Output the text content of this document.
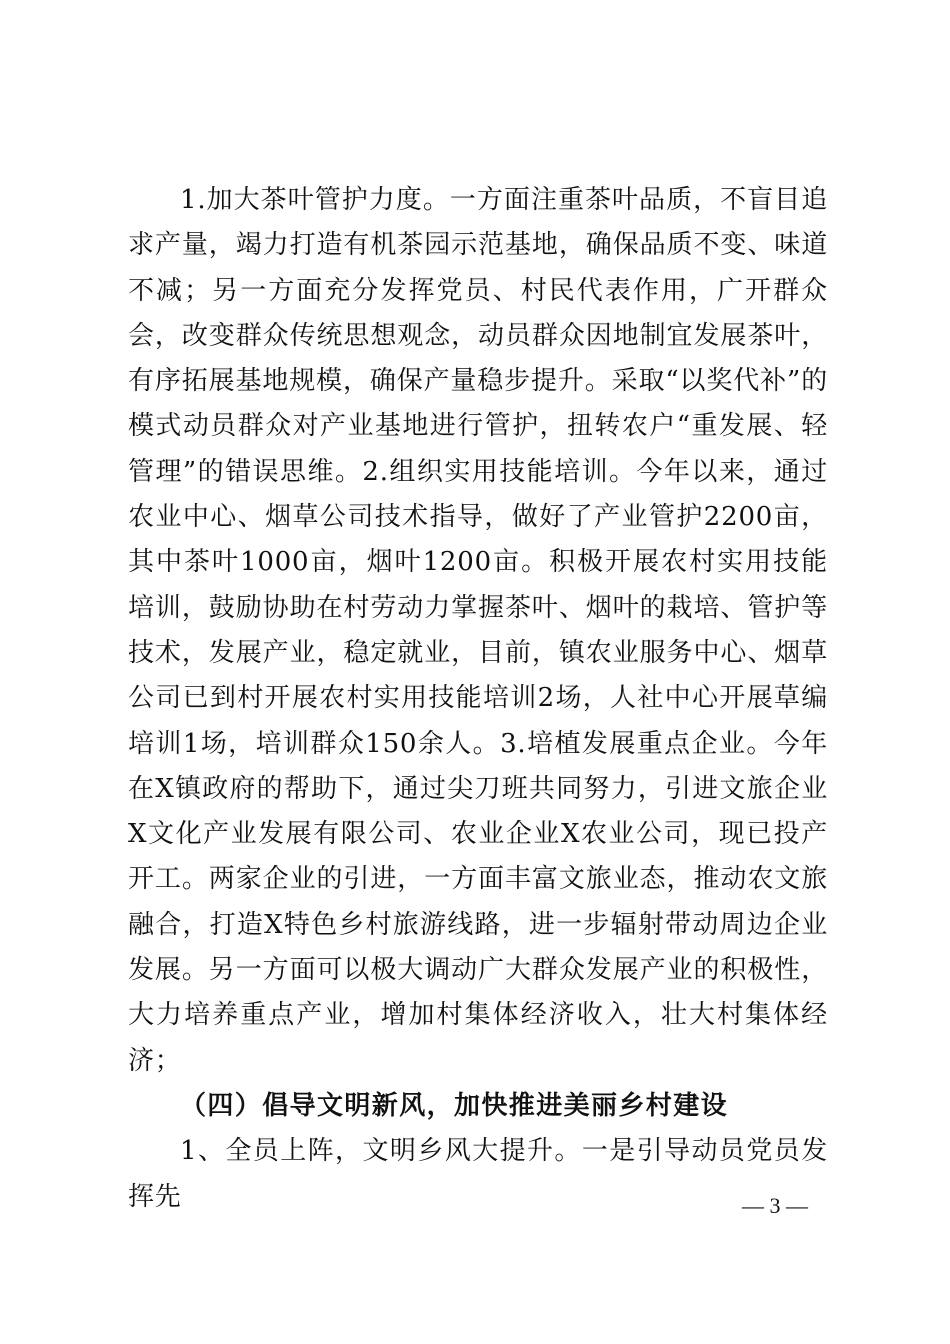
1.加大茶叶管护力度。一方面注重茶叶品质，不盲目追求产量，竭力打造有机茶园示范基地，确保品质不变、味道不减；另一方面充分发挥党员、村民代表作用，广开群众会，改变群众传统思想观念，动员群众因地制宜发展茶叶，有序拓展基地规模，确保产量稳步提升。采取“以奖代补”的模式动员群众对产业基地进行管护，扭转农户“重发展、轻管理”的错误思维。2.组织实用技能培训。今年以来，通过农业中心、烟草公司技术指导，做好了产业管护2200亩，其中茶叶1000亩，烟叶1200亩。积极开展农村实用技能培训，鼓励协助在村劳动力掌握茶叶、烟叶的栽培、管护等技术，发展产业，稳定就业，目前，镇农业服务中心、烟草公司已到村开展农村实用技能培训2场，人社中心开展草编培训1场，培训群众150余人。3.培植发展重点企业。今年在X镇政府的帮助下，通过尖刀班共同努力，引进文旅企业X文化产业发展有限公司、农业企业X农业公司，现已投产开工。两家企业的引进，一方面丰富文旅业态，推动农文旅融合，打造X特色乡村旅游线路，进一步辐射带动周边企业发展。另一方面可以极大调动广大群众发展产业的积极性，大力培养重点产业，增加村集体经济收入，壮大村集体经济；

（四）倡导文明新风，加快推进美丽乡村建设

1、全员上阵，文明乡风大提升。一是引导动员党员发挥先	— 3 —
